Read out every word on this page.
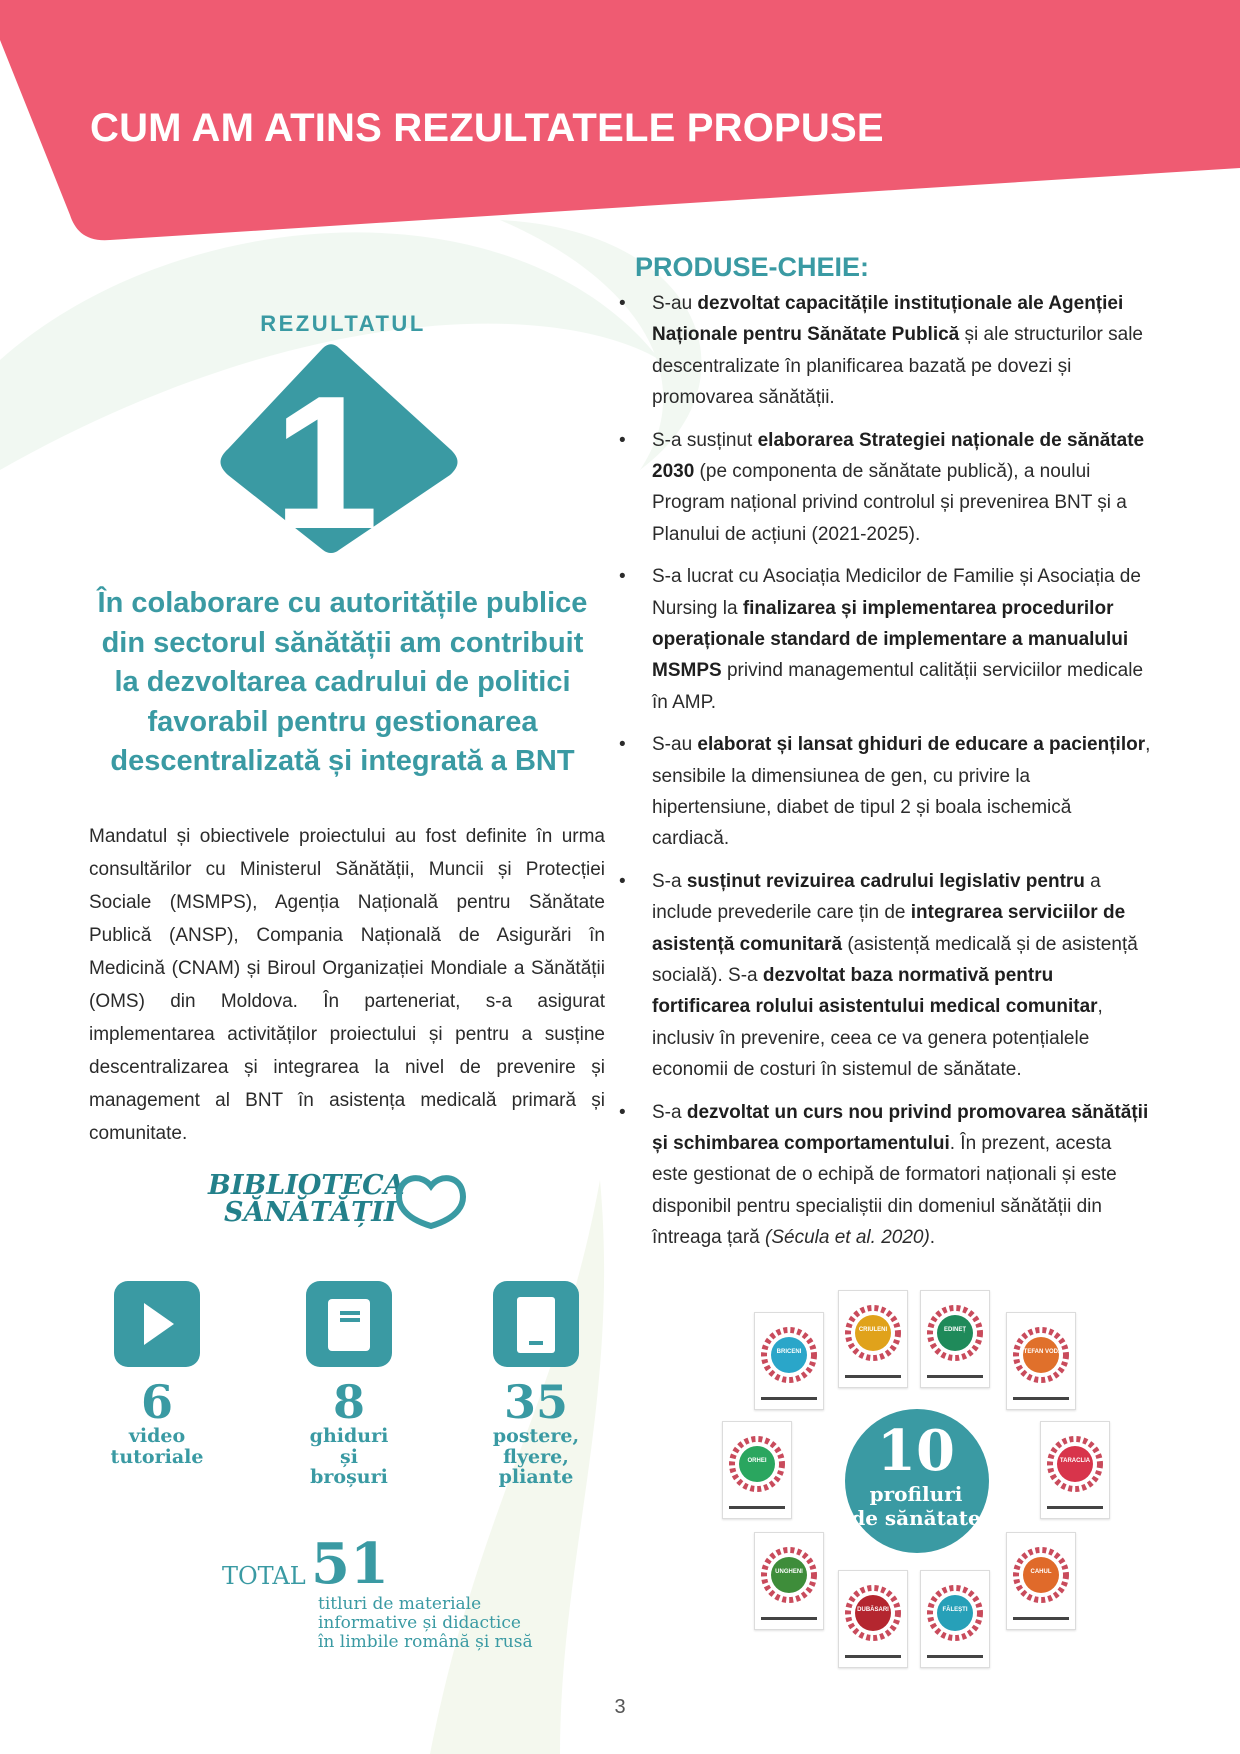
CUM AM ATINS REZULTATELE PROPUSE
REZULTATUL
1
În colaborare cu autoritățile publice din sectorul sănătății am contribuit la dezvoltarea cadrului de politici favorabil pentru gestionarea descentralizată și integrată a BNT
Mandatul și obiectivele proiectului au fost definite în urma consultărilor cu Ministerul Sănătății, Muncii și Protecției Sociale (MSMPS), Agenția Națională pentru Sănătate Publică (ANSP), Compania Națională de Asigurări în Medicină (CNAM) și Biroul Organizației Mondiale a Sănătății (OMS) din Moldova. În parteneriat, s-a asigurat implementarea activităților proiectului și pentru a susține descentralizarea și integrarea la nivel de prevenire și management al BNT în asistența medicală primară și comunitate.
BIBLIOTECA
SĂNĂTĂȚII
6
video
tutoriale
8
ghiduri
și
broșuri
35
postere,
flyere,
pliante
TOTAL 51
titluri de materiale
informative și didactice
în limbile română și rusă
PRODUSE-CHEIE:
• S-au dezvoltat capacitățile instituționale ale Agenției Naționale pentru Sănătate Publică și ale structurilor sale descentralizate în planificarea bazată pe dovezi și promovarea sănătății.
• S-a susținut elaborarea Strategiei naționale de sănătate 2030 (pe componenta de sănătate publică), a noului Program național privind controlul și prevenirea BNT și a Planului de acțiuni (2021-2025).
• S-a lucrat cu Asociația Medicilor de Familie și Asociația de Nursing la finalizarea și implementarea procedurilor operaționale standard de implementare a manualului MSMPS privind managementul calității serviciilor medicale în AMP.
• S-au elaborat și lansat ghiduri de educare a pacienților, sensibile la dimensiunea de gen, cu privire la hipertensiune, diabet de tipul 2 și boala ischemică cardiacă.
• S-a susținut revizuirea cadrului legislativ pentru a include prevederile care țin de integrarea serviciilor de asistență comunitară (asistență medicală și de asistență socială). S-a dezvoltat baza normativă pentru fortificarea rolului asistentului medical comunitar, inclusiv în prevenire, ceea ce va genera potențialele economii de costuri în sistemul de sănătate.
• S-a dezvoltat un curs nou privind promovarea sănătății și schimbarea comportamentului. În prezent, acesta este gestionat de o echipă de formatori naționali și este disponibil pentru specialiștii din domeniul sănătății din întreaga țară (Sécula et al. 2020).
BRICENI
CRIULENI	EDINEȚ
ȘTEFAN VODĂ
ORHEI	TARACLIA
UNGHENI
DUBĂSARI	FĂLEȘTI
CAHUL
10
profiluri
de sănătate
3
